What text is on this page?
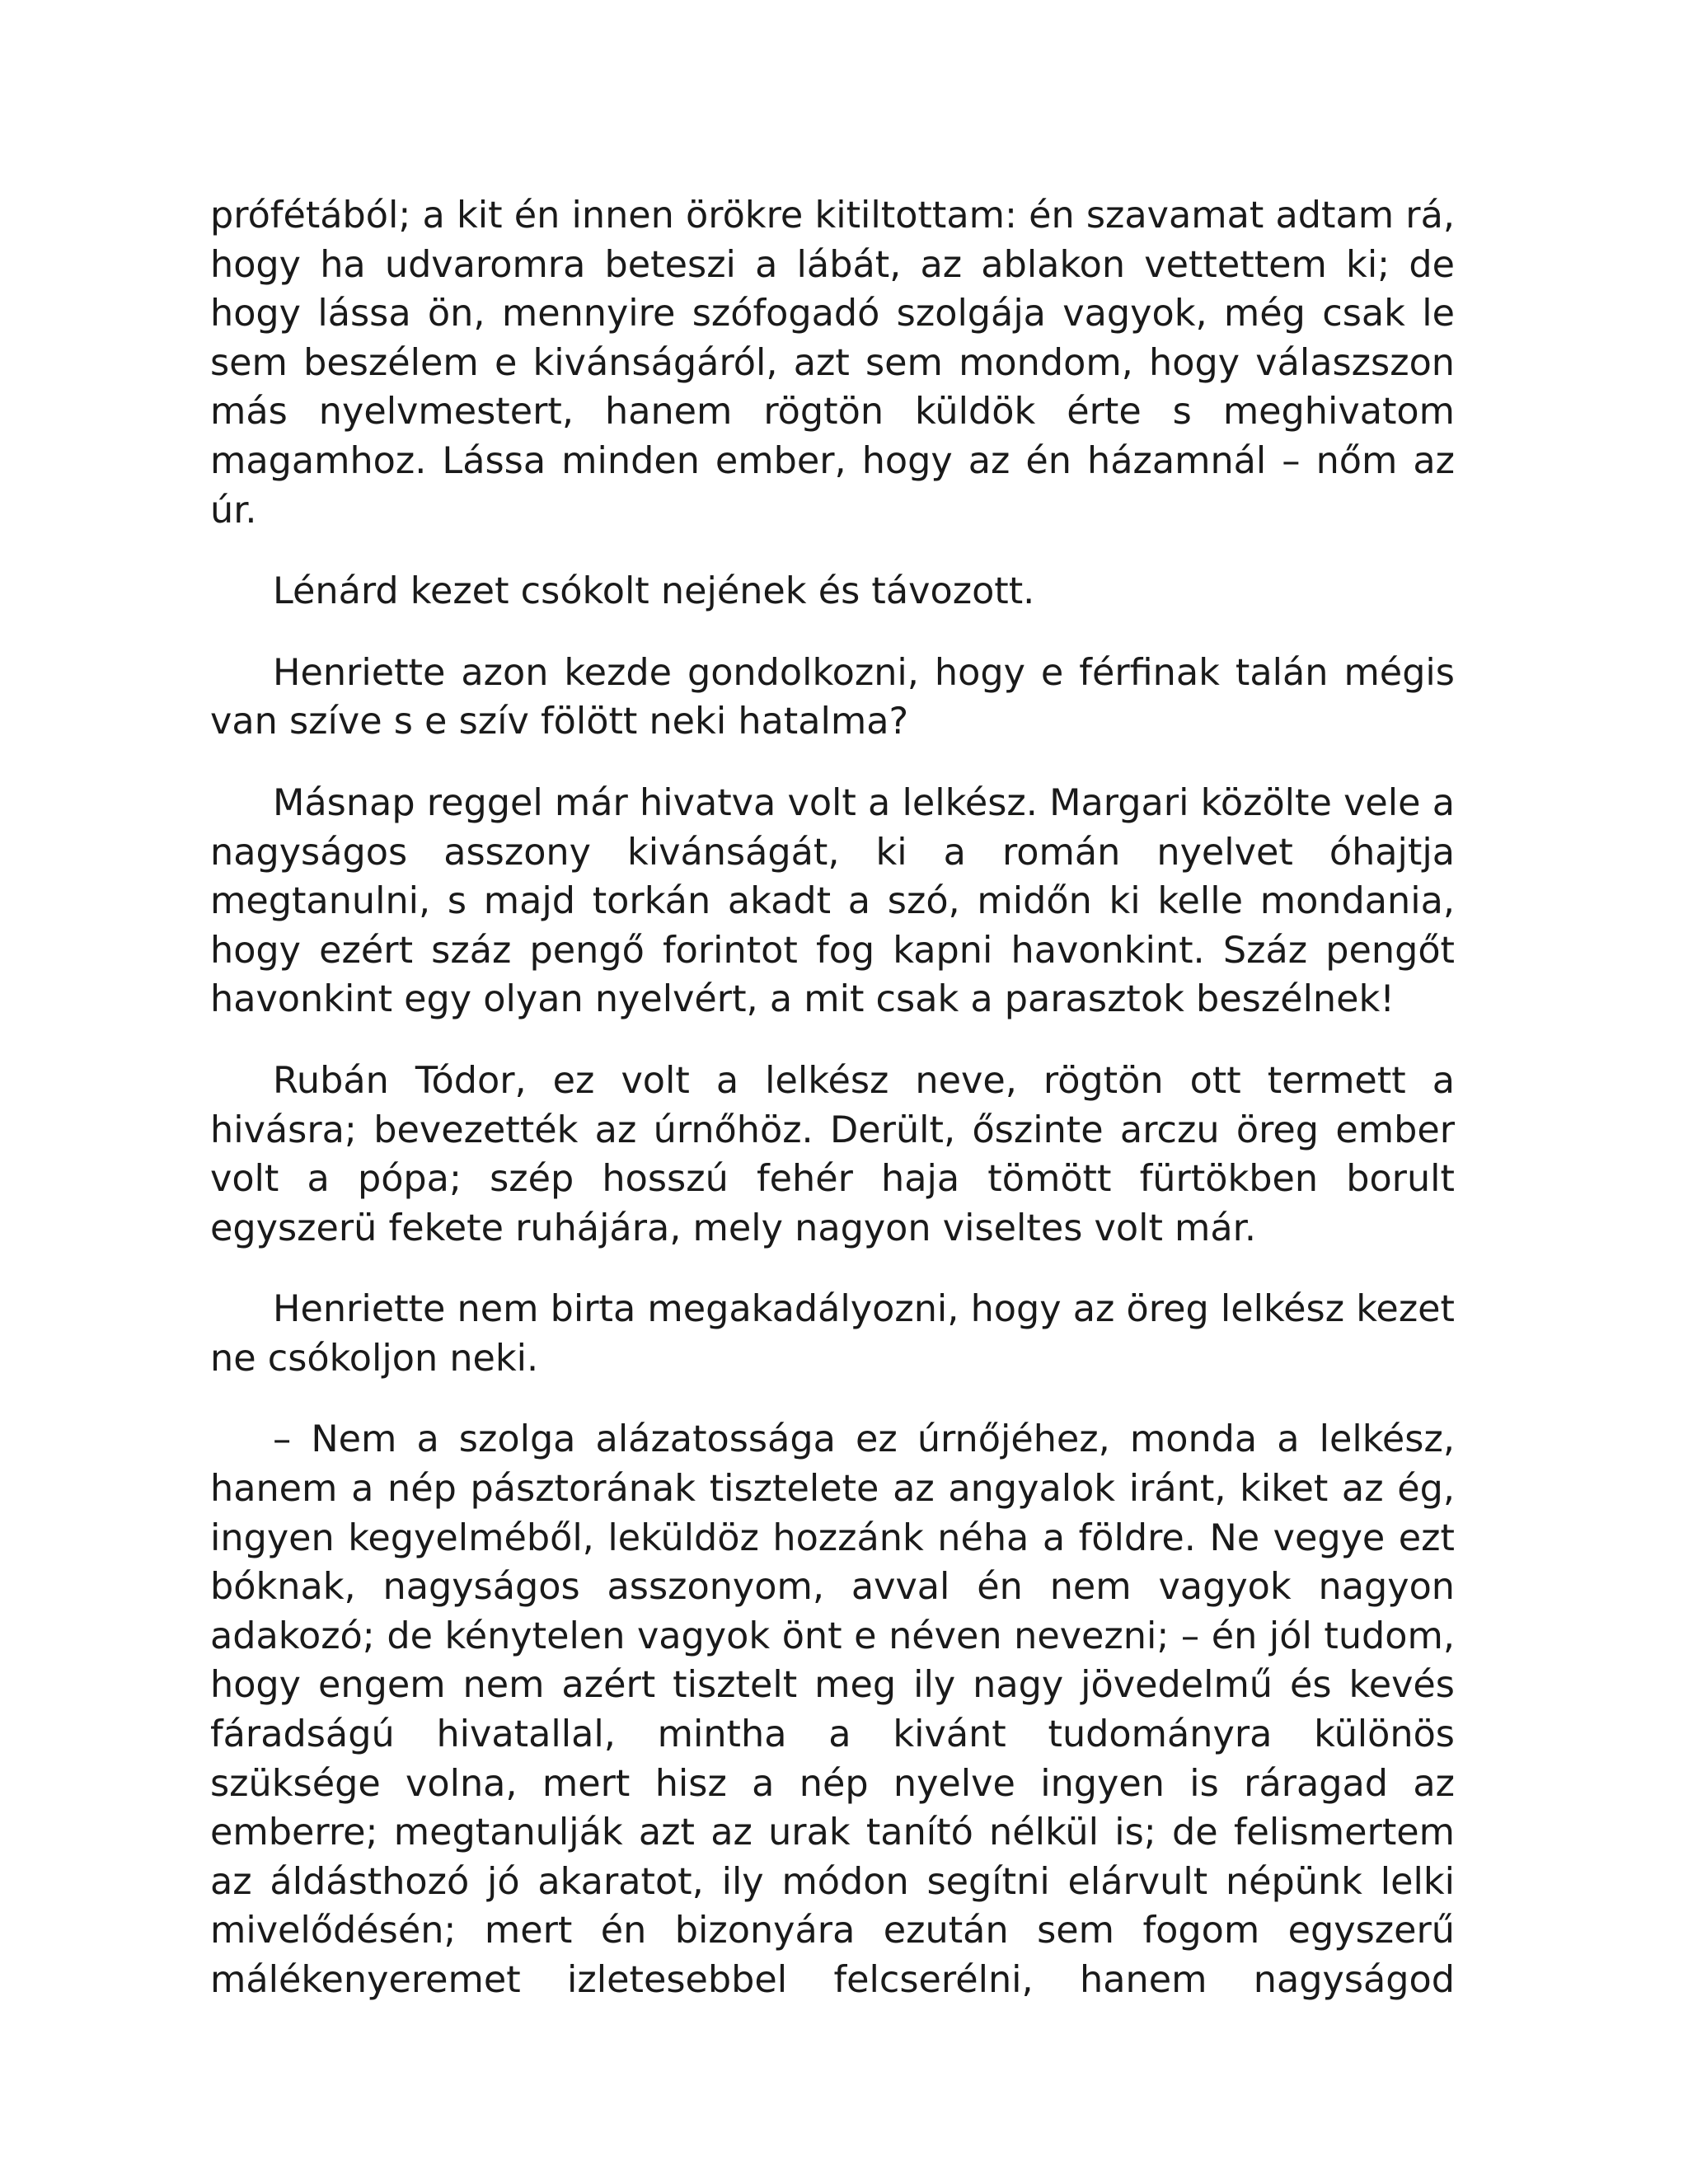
prófétából; a kit én innen örökre kitiltottam: én szavamat adtam rá, hogy ha udvaromra beteszi a lábát, az ablakon vettettem ki; de hogy lássa ön, mennyire szófogadó szolgája vagyok, még csak le sem beszélem e kivánságáról, azt sem mondom, hogy válaszszon más nyelvmestert, hanem rögtön küldök érte s meghivatom magamhoz. Lássa minden ember, hogy az én házamnál – nőm az úr.

Lénárd kezet csókolt nejének és távozott.

Henriette azon kezde gondolkozni, hogy e férfinak talán mégis van szíve s e szív fölött neki hatalma?

Másnap reggel már hivatva volt a lelkész. Margari közölte vele a nagyságos asszony kivánságát, ki a román nyelvet óhajtja megtanulni, s majd torkán akadt a szó, midőn ki kelle mondania, hogy ezért száz pengő forintot fog kapni havonkint. Száz pengőt havonkint egy olyan nyelvért, a mit csak a parasztok beszélnek!

Rubán Tódor, ez volt a lelkész neve, rögtön ott termett a hivásra; bevezették az úrnőhöz. Derült, őszinte arczu öreg ember volt a pópa; szép hosszú fehér haja tömött fürtökben borult egyszerü fekete ruhájára, mely nagyon viseltes volt már.

Henriette nem birta megakadályozni, hogy az öreg lelkész kezet ne csókoljon neki.

– Nem a szolga alázatossága ez úrnőjéhez, monda a lelkész, hanem a nép pásztorának tisztelete az angyalok iránt, kiket az ég, ingyen kegyelméből, leküldöz hozzánk néha a földre. Ne vegye ezt bóknak, nagyságos asszonyom, avval én nem vagyok nagyon adakozó; de kénytelen vagyok önt e néven nevezni; – én jól tudom, hogy engem nem azért tisztelt meg ily nagy jövedelmű és kevés fáradságú hivatallal, mintha a kivánt tudományra különös szüksége volna, mert hisz a nép nyelve ingyen is ráragad az emberre; megtanulják azt az urak tanító nélkül is; de felismertem az áldásthozó jó akaratot, ily módon segítni elárvult népünk lelki mivelődésén; mert én bizonyára ezután sem fogom egyszerű málékenyeremet izletesebbel felcserélni, hanem nagyságod
